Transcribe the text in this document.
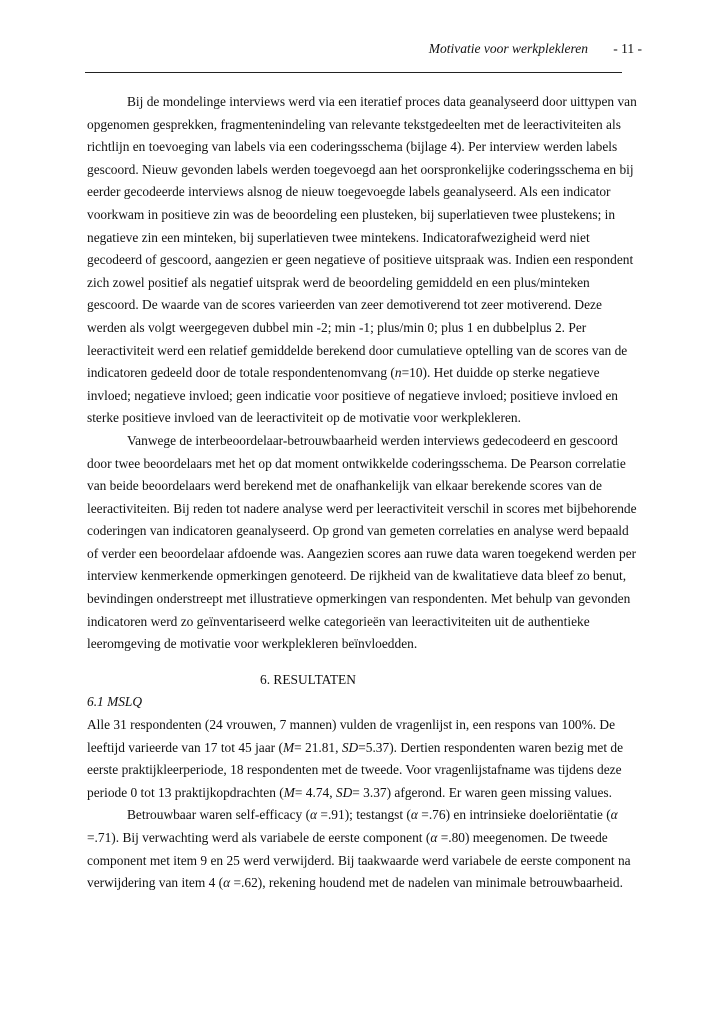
Motivatie voor werkplekleren - 11 -

Bij de mondelinge interviews werd via een iteratief proces data geanalyseerd door uittypen van opgenomen gesprekken, fragmentenindeling van relevante tekstgedeelten met de leeractiviteiten als richtlijn en toevoeging van labels via een coderingsschema (bijlage 4). Per interview werden labels gescoord. Nieuw gevonden labels werden toegevoegd aan het oorspronkelijke coderingsschema en bij eerder gecodeerde interviews alsnog de nieuw toegevoegde labels geanalyseerd. Als een indicator voorkwam in positieve zin was de beoordeling een plusteken, bij superlatieven twee plustekens; in negatieve zin een minteken, bij superlatieven twee mintekens. Indicatorafwezigheid werd niet gecodeerd of gescoord, aangezien er geen negatieve of positieve uitspraak was. Indien een respondent zich zowel positief als negatief uitsprak werd de beoordeling gemiddeld en een plus/minteken gescoord. De waarde van de scores varieerden van zeer demotiverend tot zeer motiverend. Deze werden als volgt weergegeven dubbel min -2; min -1; plus/min 0; plus 1 en dubbelplus 2. Per leeractiviteit werd een relatief gemiddelde berekend door cumulatieve optelling van de scores van de indicatoren gedeeld door de totale respondentenomvang (n=10). Het duidde op sterke negatieve invloed; negatieve invloed; geen indicatie voor positieve of negatieve invloed; positieve invloed en sterke positieve invloed van de leeractiviteit op de motivatie voor werkplekleren.

Vanwege de interbeoordelaar-betrouwbaarheid werden interviews gedecodeerd en gescoord door twee beoordelaars met het op dat moment ontwikkelde coderingsschema. De Pearson correlatie van beide beoordelaars werd berekend met de onafhankelijk van elkaar berekende scores van de leeractiviteiten. Bij reden tot nadere analyse werd per leeractiviteit verschil in scores met bijbehorende coderingen van indicatoren geanalyseerd. Op grond van gemeten correlaties en analyse werd bepaald of verder een beoordelaar afdoende was. Aangezien scores aan ruwe data waren toegekend werden per interview kenmerkende opmerkingen genoteerd. De rijkheid van de kwalitatieve data bleef zo benut, bevindingen onderstreept met illustratieve opmerkingen van respondenten. Met behulp van gevonden indicatoren werd zo geïnventariseerd welke categorieën van leeractiviteiten uit de authentieke leeromgeving de motivatie voor werkplekleren beïnvloedden.

6. RESULTATEN

6.1 MSLQ

Alle 31 respondenten (24 vrouwen, 7 mannen) vulden de vragenlijst in, een respons van 100%. De leeftijd varieerde van 17 tot 45 jaar (M= 21.81, SD=5.37). Dertien respondenten waren bezig met de eerste praktijkleerperiode, 18 respondenten met de tweede. Voor vragenlijstafname was tijdens deze periode 0 tot 13 praktijkopdrachten (M= 4.74, SD= 3.37) afgerond. Er waren geen missing values.

Betrouwbaar waren self-efficacy (α =.91); testangst (α =.76) en intrinsieke doeloriëntatie (α =.71). Bij verwachting werd als variabele de eerste component (α =.80) meegenomen. De tweede component met item 9 en 25 werd verwijderd. Bij taakwaarde werd variabele de eerste component na verwijdering van item 4 (α =.62), rekening houdend met de nadelen van minimale betrouwbaarheid.
